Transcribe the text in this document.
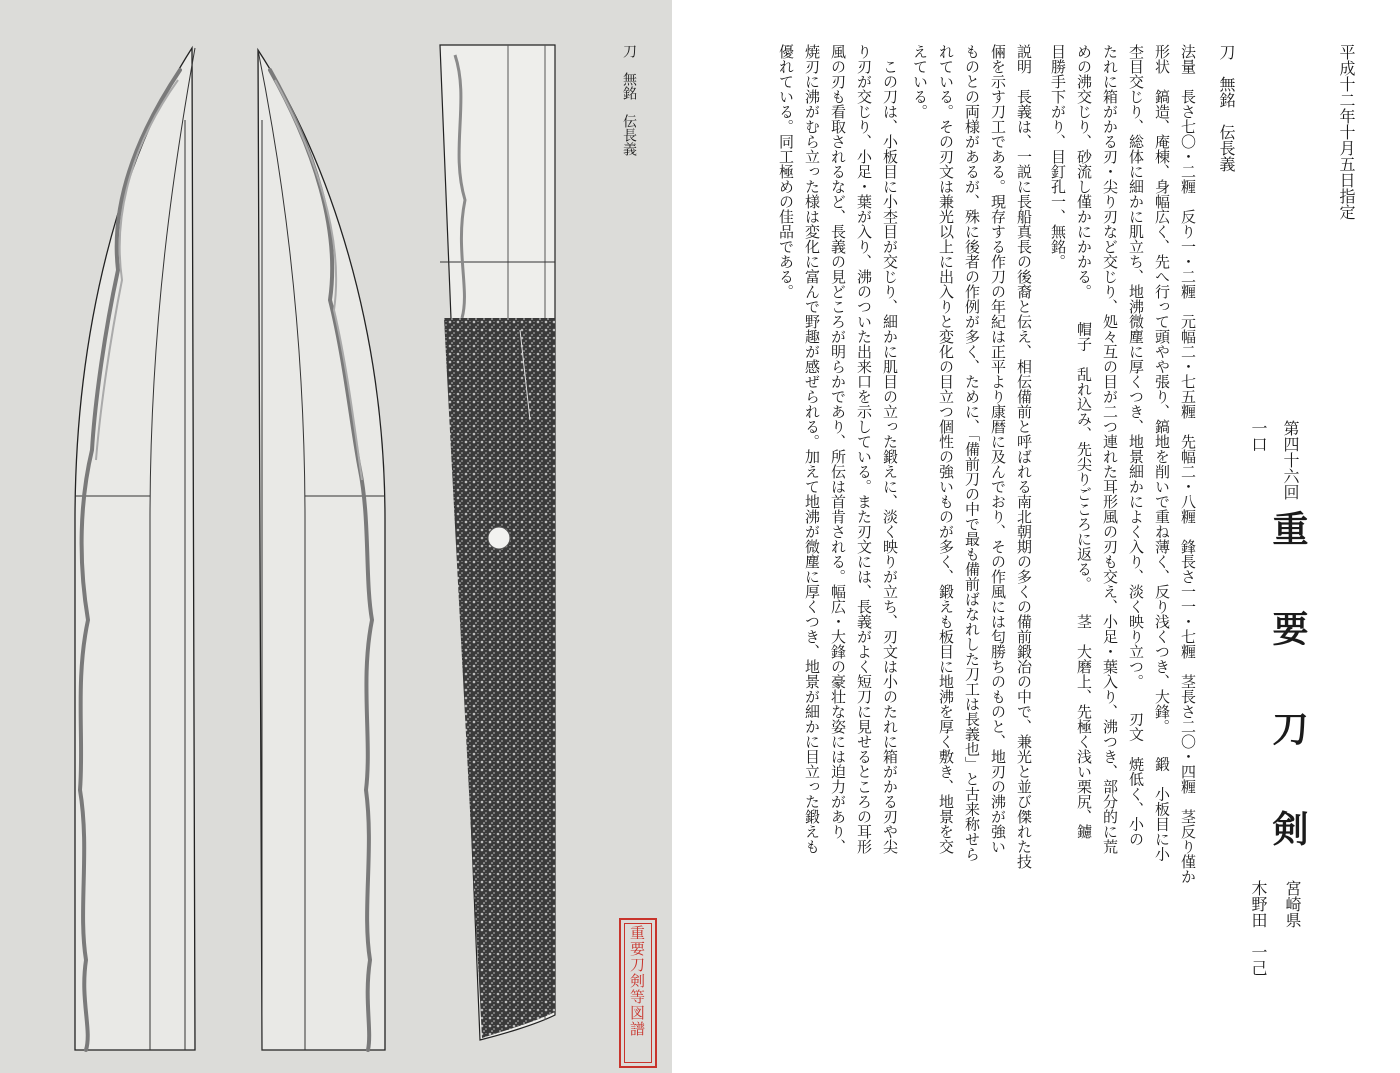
刀　無銘　伝長義
重要刀剣等図譜
平成十二年十月五日指定
第四十六回
重　要　刀　剣
宮崎県
木野田　一己
一口
刀　無銘　伝長義
法量　長さ七〇・二糎　反り一・二糎　元幅二・七五糎　先幅二・八糎　鋒長さ一一・七糎　茎長さ二〇・四糎　茎反り僅か
形状　鎬造、庵棟、身幅広く、先へ行って頭やや張り、鎬地を削いで重ね薄く、反り浅くつき、大鋒。　　鍛　小板目に小
杢目交じり、総体に細かに肌立ち、地沸微塵に厚くつき、地景細かによく入り、淡く映り立つ。　　刃文　焼低く、小の
たれに箱がかる刃・尖り刃など交じり、処々互の目が二つ連れた耳形風の刃も交え、小足・葉入り、沸つき、部分的に荒
めの沸交じり、砂流し僅かにかかる。　　帽子　乱れ込み、先尖りごころに返る。　　茎　大磨上、先極く浅い栗尻、鑢
目勝手下がり、目釘孔一、無銘。
説明　長義は、一説に長船真長の後裔と伝え、相伝備前と呼ばれる南北朝期の多くの備前鍛冶の中で、兼光と並び傑れた技
倆を示す刀工である。現存する作刀の年紀は正平より康暦に及んでおり、その作風には匂勝ちのものと、地刃の沸が強い
ものとの両様があるが、殊に後者の作例が多く、ために、「備前刀の中で最も備前ばなれした刀工は長義也」と古来称せら
れている。その刃文は兼光以上に出入りと変化の目立つ個性の強いものが多く、鍛えも板目に地沸を厚く敷き、地景を交
えている。
　この刀は、小板目に小杢目が交じり、細かに肌目の立った鍛えに、淡く映りが立ち、刃文は小のたれに箱がかる刃や尖
り刃が交じり、小足・葉が入り、沸のついた出来口を示している。また刃文には、長義がよく短刀に見せるところの耳形
風の刃も看取されるなど、長義の見どころが明らかであり、所伝は首肯される。幅広・大鋒の豪壮な姿には迫力があり、
焼刃に沸がむら立った様は変化に富んで野趣が感ぜられる。加えて地沸が微塵に厚くつき、地景が細かに目立った鍛えも
優れている。同工極めの佳品である。
